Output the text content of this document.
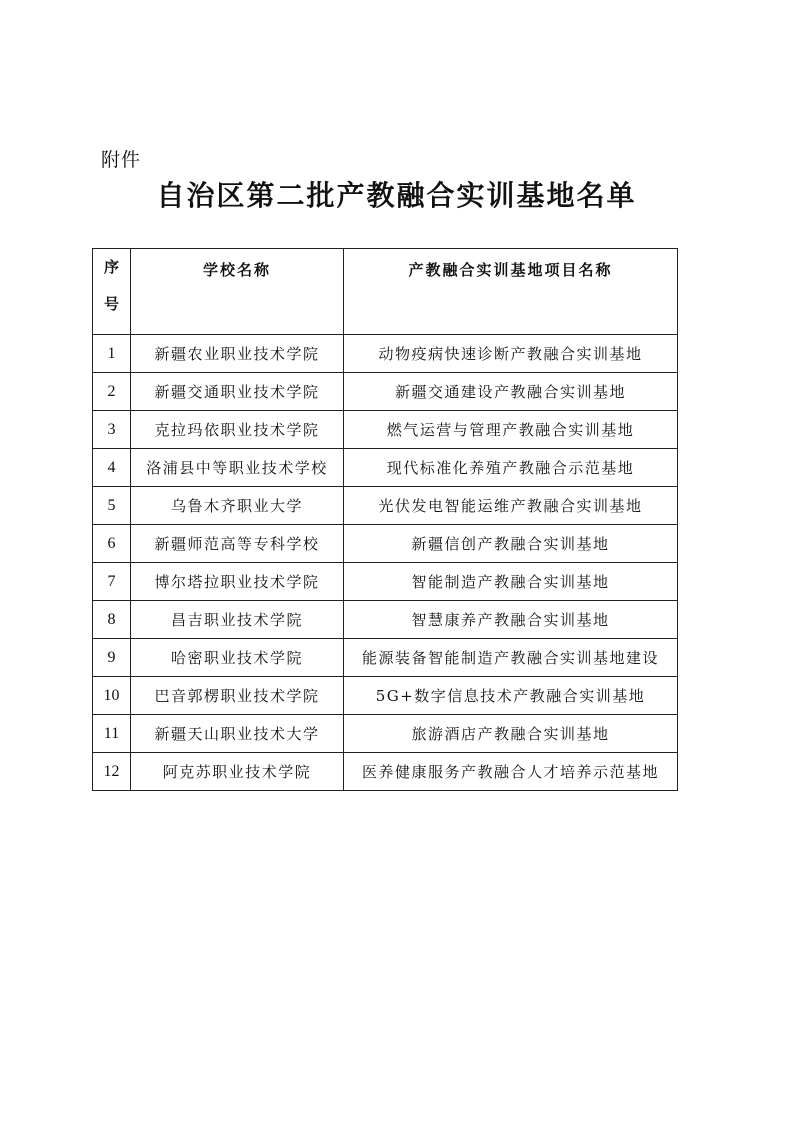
附件
自治区第二批产教融合实训基地名单
序
号	学校名称	产教融合实训基地项目名称
1	新疆农业职业技术学院	动物疫病快速诊断产教融合实训基地
2	新疆交通职业技术学院	新疆交通建设产教融合实训基地
3	克拉玛依职业技术学院	燃气运营与管理产教融合实训基地
4	洛浦县中等职业技术学校	现代标准化养殖产教融合示范基地
5	乌鲁木齐职业大学	光伏发电智能运维产教融合实训基地
6	新疆师范高等专科学校	新疆信创产教融合实训基地
7	博尔塔拉职业技术学院	智能制造产教融合实训基地
8	昌吉职业技术学院	智慧康养产教融合实训基地
9	哈密职业技术学院	能源装备智能制造产教融合实训基地建设
10	巴音郭楞职业技术学院	5G+数字信息技术产教融合实训基地
11	新疆天山职业技术大学	旅游酒店产教融合实训基地
12	阿克苏职业技术学院	医养健康服务产教融合人才培养示范基地
